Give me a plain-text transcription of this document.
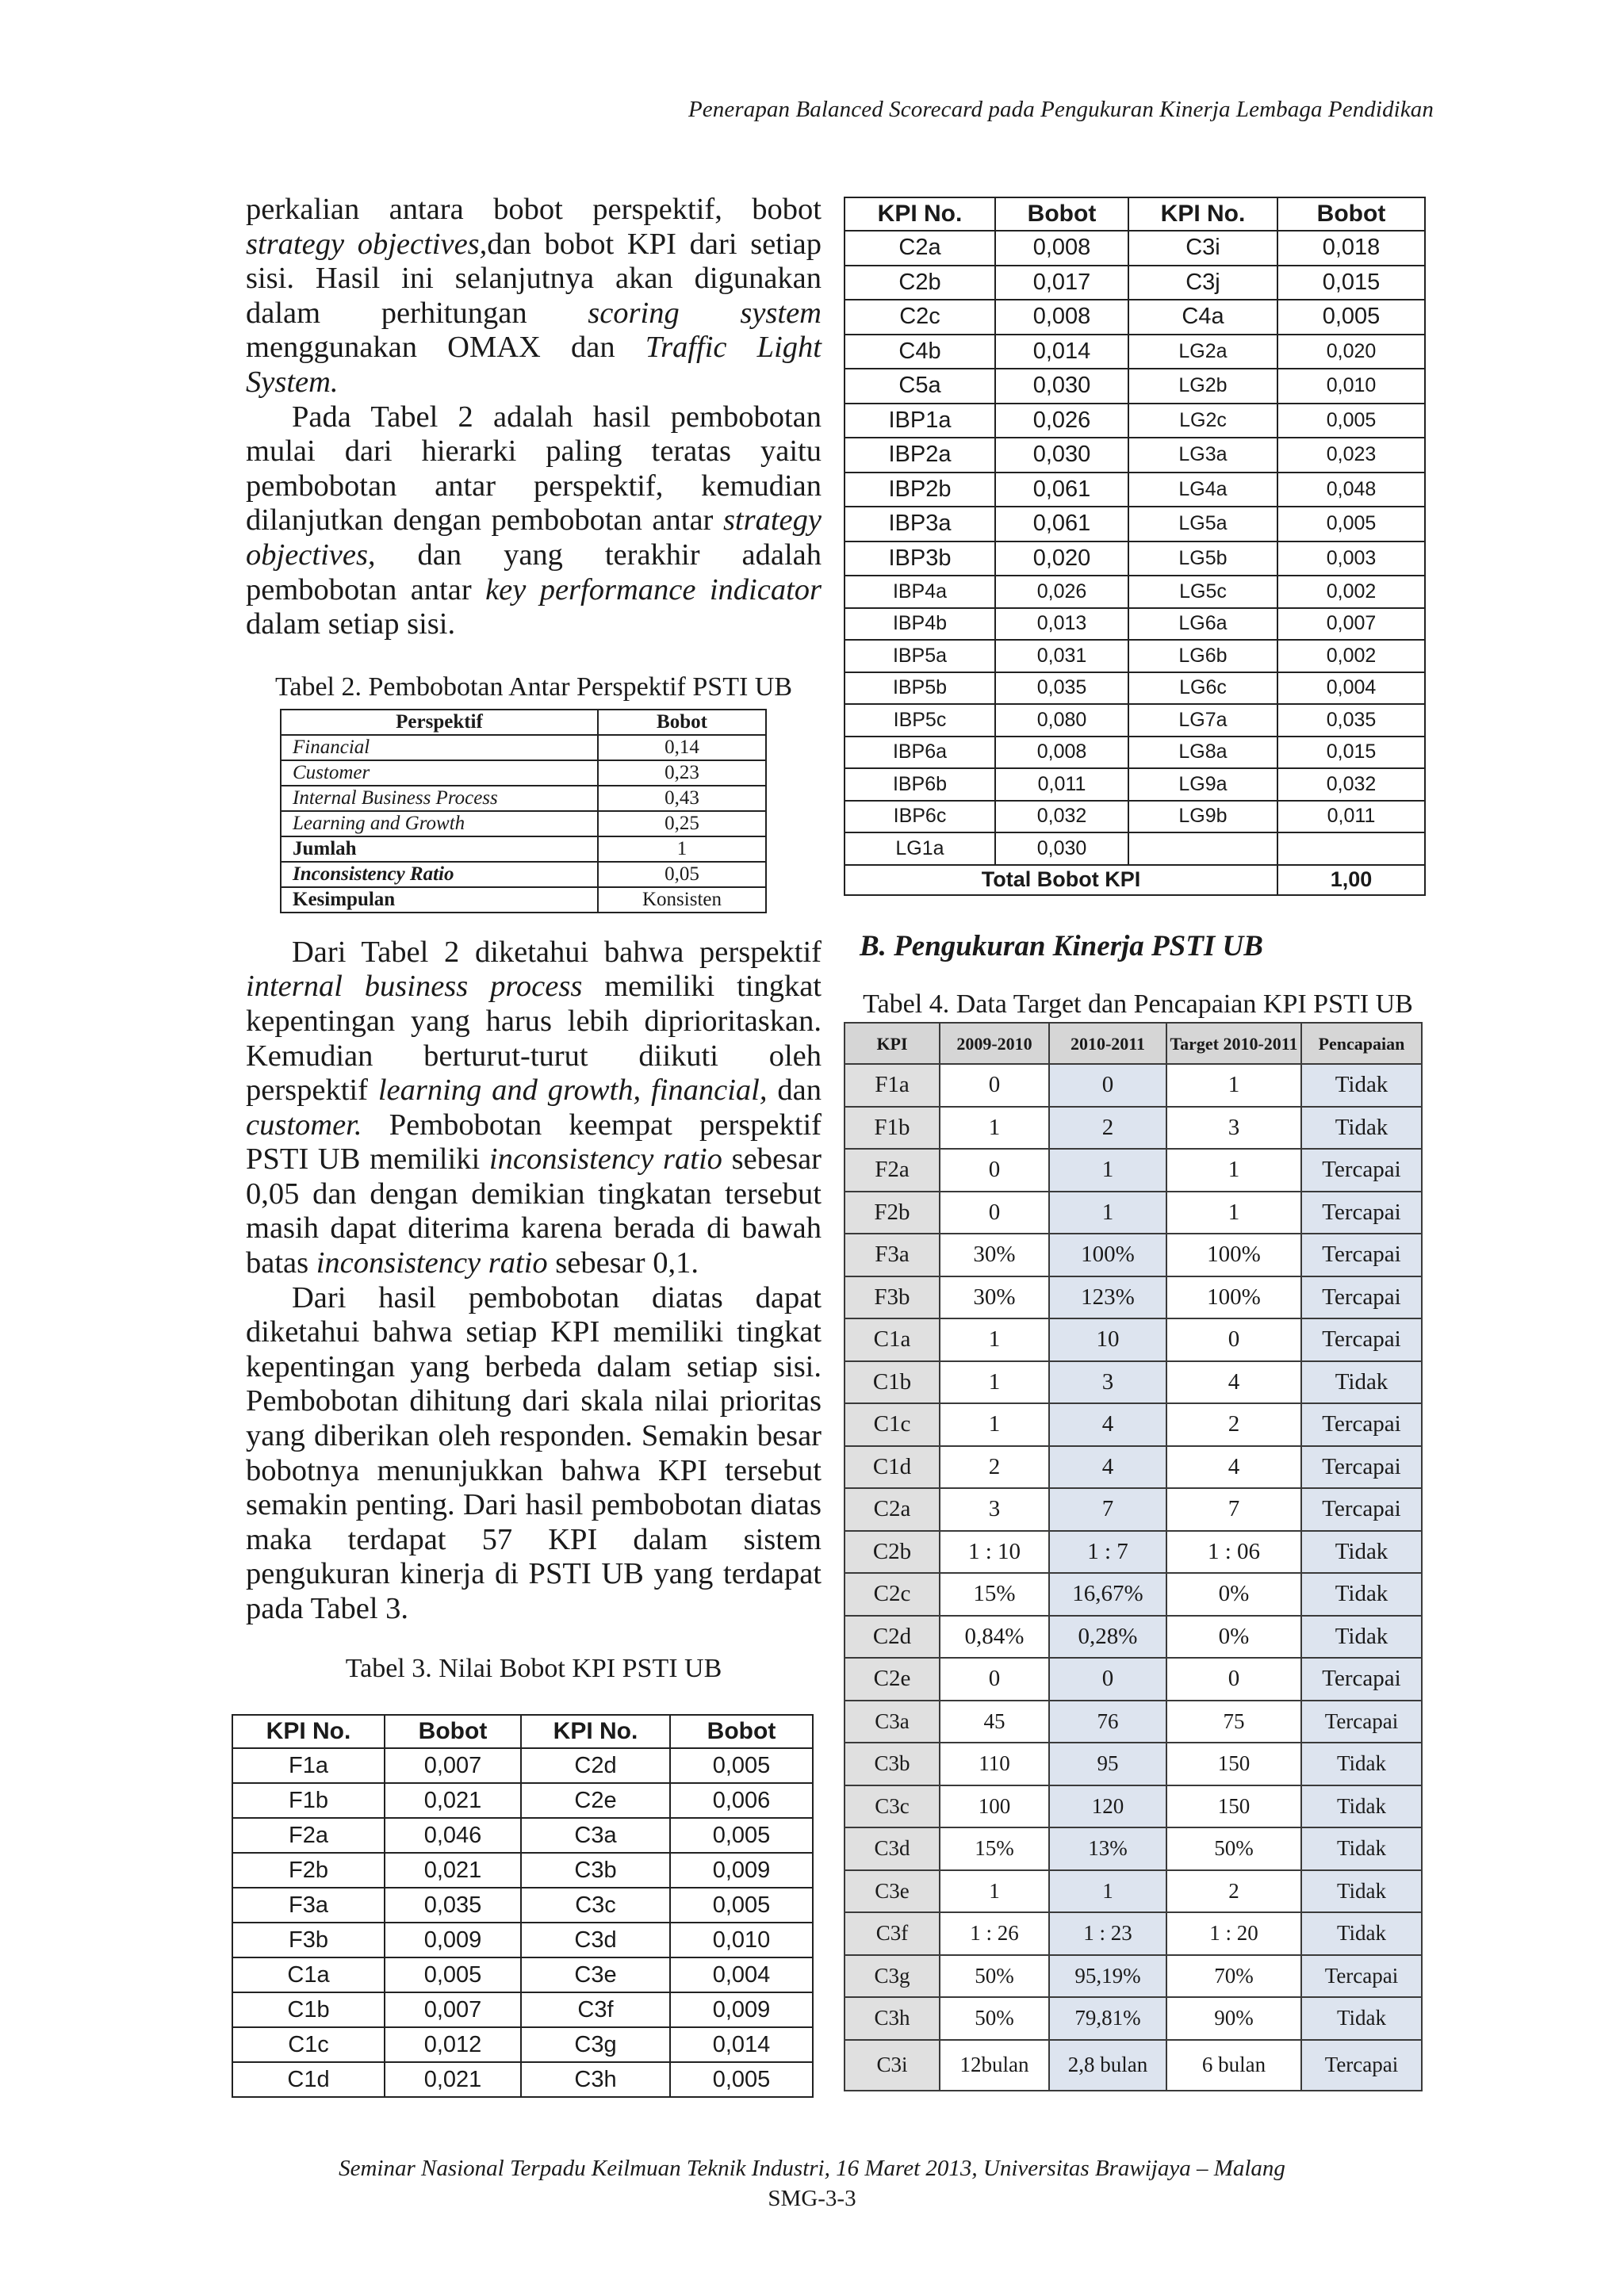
Penerapan Balanced Scorecard pada Pengukuran Kinerja Lembaga Pendidikan

perkalian antara bobot perspektif, bobot strategy objectives,dan bobot KPI dari setiap sisi. Hasil ini selanjutnya akan digunakan dalam perhitungan scoring system menggunakan OMAX dan Traffic Light System.

Pada Tabel 2 adalah hasil pembobotan mulai dari hierarki paling teratas yaitu pembobotan antar perspektif, kemudian dilanjutkan dengan pembobotan antar strategy objectives, dan yang terakhir adalah pembobotan antar key performance indicator dalam setiap sisi.

Tabel 2. Pembobotan Antar Perspektif PSTI UB

Perspektif	Bobot
Financial	0,14
Customer	0,23
Internal Business Process	0,43
Learning and Growth	0,25
Jumlah	1
Inconsistency Ratio	0,05
Kesimpulan	Konsisten

Dari Tabel 2 diketahui bahwa perspektif internal business process memiliki tingkat kepentingan yang harus lebih diprioritaskan. Kemudian berturut-turut diikuti oleh perspektif learning and growth, financial, dan customer. Pembobotan keempat perspektif PSTI UB memiliki inconsistency ratio sebesar 0,05 dan dengan demikian tingkatan tersebut masih dapat diterima karena berada di bawah batas inconsistency ratio sebesar 0,1.

Dari hasil pembobotan diatas dapat diketahui bahwa setiap KPI memiliki tingkat kepentingan yang berbeda dalam setiap sisi. Pembobotan dihitung dari skala nilai prioritas yang diberikan oleh responden. Semakin besar bobotnya menunjukkan bahwa KPI tersebut semakin penting. Dari hasil pembobotan diatas maka terdapat 57 KPI dalam sistem pengukuran kinerja di PSTI UB yang terdapat pada Tabel 3.

Tabel 3. Nilai Bobot KPI PSTI UB

KPI No.	Bobot	KPI No.	Bobot
F1a	0,007	C2d	0,005
F1b	0,021	C2e	0,006
F2a	0,046	C3a	0,005
F2b	0,021	C3b	0,009
F3a	0,035	C3c	0,005
F3b	0,009	C3d	0,010
C1a	0,005	C3e	0,004
C1b	0,007	C3f	0,009
C1c	0,012	C3g	0,014
C1d	0,021	C3h	0,005
KPI No.	Bobot	KPI No.	Bobot
C2a	0,008	C3i	0,018
C2b	0,017	C3j	0,015
C2c	0,008	C4a	0,005
C4b	0,014	LG2a	0,020
C5a	0,030	LG2b	0,010
IBP1a	0,026	LG2c	0,005
IBP2a	0,030	LG3a	0,023
IBP2b	0,061	LG4a	0,048
IBP3a	0,061	LG5a	0,005
IBP3b	0,020	LG5b	0,003
IBP4a	0,026	LG5c	0,002
IBP4b	0,013	LG6a	0,007
IBP5a	0,031	LG6b	0,002
IBP5b	0,035	LG6c	0,004
IBP5c	0,080	LG7a	0,035
IBP6a	0,008	LG8a	0,015
IBP6b	0,011	LG9a	0,032
IBP6c	0,032	LG9b	0,011
LG1a	0,030		
Total Bobot KPI			1,00

B. Pengukuran Kinerja PSTI UB

Tabel 4. Data Target dan Pencapaian KPI PSTI UB

KPI	2009-2010	2010-2011	Target 2010-2011	Pencapaian
F1a	0	0	1	Tidak
F1b	1	2	3	Tidak
F2a	0	1	1	Tercapai
F2b	0	1	1	Tercapai
F3a	30%	100%	100%	Tercapai
F3b	30%	123%	100%	Tercapai
C1a	1	10	0	Tercapai
C1b	1	3	4	Tidak
C1c	1	4	2	Tercapai
C1d	2	4	4	Tercapai
C2a	3	7	7	Tercapai
C2b	1 : 10	1 : 7	1 : 06	Tidak
C2c	15%	16,67%	0%	Tidak
C2d	0,84%	0,28%	0%	Tidak
C2e	0	0	0	Tercapai
C3a	45	76	75	Tercapai
C3b	110	95	150	Tidak
C3c	100	120	150	Tidak
C3d	15%	13%	50%	Tidak
C3e	1	1	2	Tidak
C3f	1 : 26	1 : 23	1 : 20	Tidak
C3g	50%	95,19%	70%	Tercapai
C3h	50%	79,81%	90%	Tidak
C3i	12bulan	2,8 bulan	6 bulan	Tercapai
Seminar Nasional Terpadu Keilmuan Teknik Industri, 16 Maret 2013, Universitas Brawijaya – Malang
SMG-3-3
